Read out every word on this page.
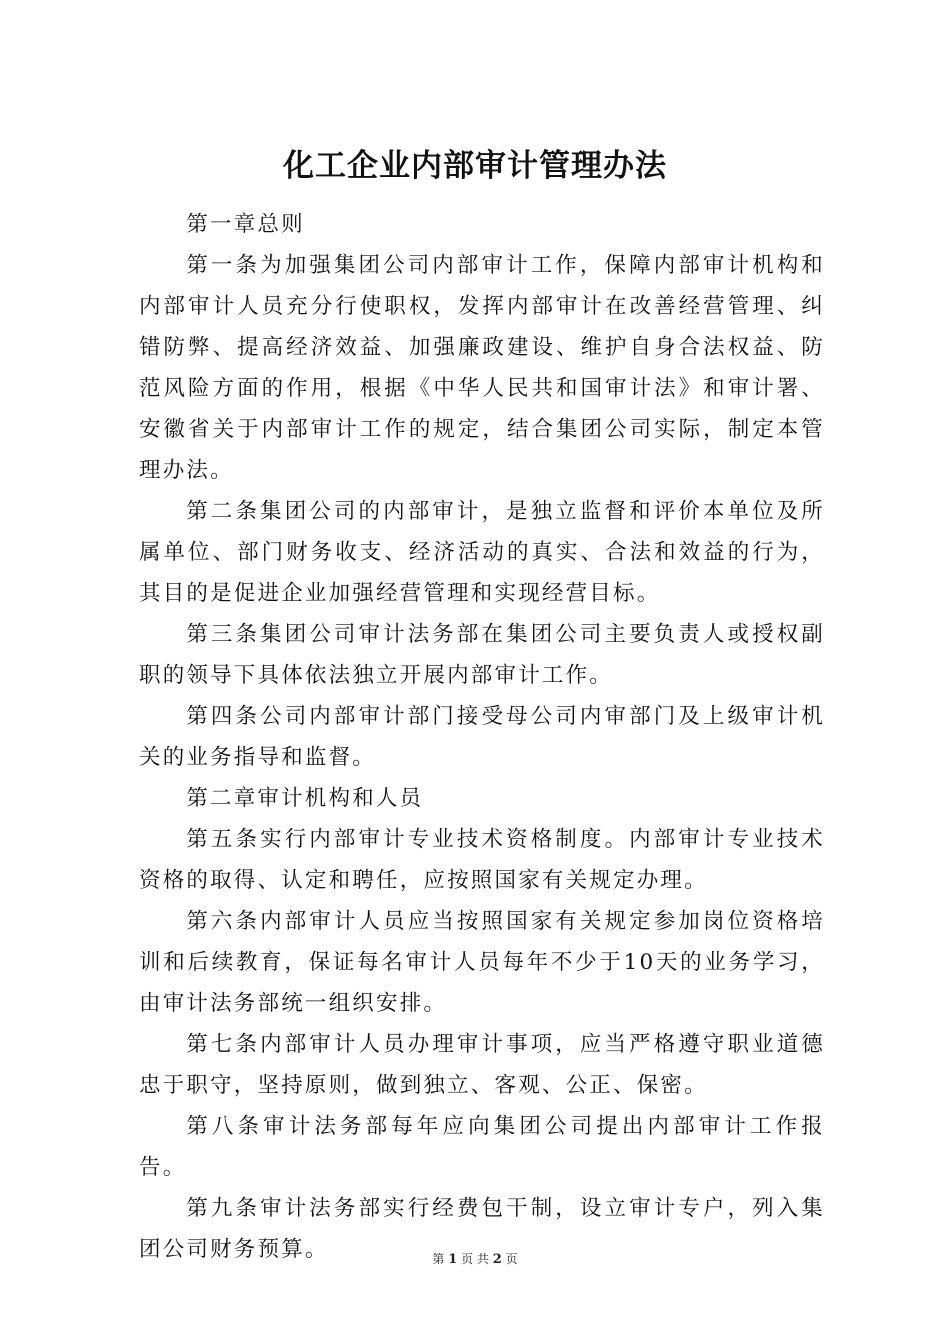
化工企业内部审计管理办法

第一章总则

第一条为加强集团公司内部审计工作，保障内部审计机构和内部审计人员充分行使职权，发挥内部审计在改善经营管理、纠错防弊、提高经济效益、加强廉政建设、维护自身合法权益、防范风险方面的作用，根据《中华人民共和国审计法》和审计署、安徽省关于内部审计工作的规定，结合集团公司实际，制定本管理办法。

第二条集团公司的内部审计，是独立监督和评价本单位及所属单位、部门财务收支、经济活动的真实、合法和效益的行为，其目的是促进企业加强经营管理和实现经营目标。

第三条集团公司审计法务部在集团公司主要负责人或授权副职的领导下具体依法独立开展内部审计工作。

第四条公司内部审计部门接受母公司内审部门及上级审计机关的业务指导和监督。

第二章审计机构和人员

第五条实行内部审计专业技术资格制度。内部审计专业技术资格的取得、认定和聘任，应按照国家有关规定办理。

第六条内部审计人员应当按照国家有关规定参加岗位资格培训和后续教育，保证每名审计人员每年不少于10天的业务学习，由审计法务部统一组织安排。

第七条内部审计人员办理审计事项，应当严格遵守职业道德忠于职守，坚持原则，做到独立、客观、公正、保密。

第八条审计法务部每年应向集团公司提出内部审计工作报告。

第九条审计法务部实行经费包干制，设立审计专户，列入集团公司财务预算。	第 1 页 共 2 页
